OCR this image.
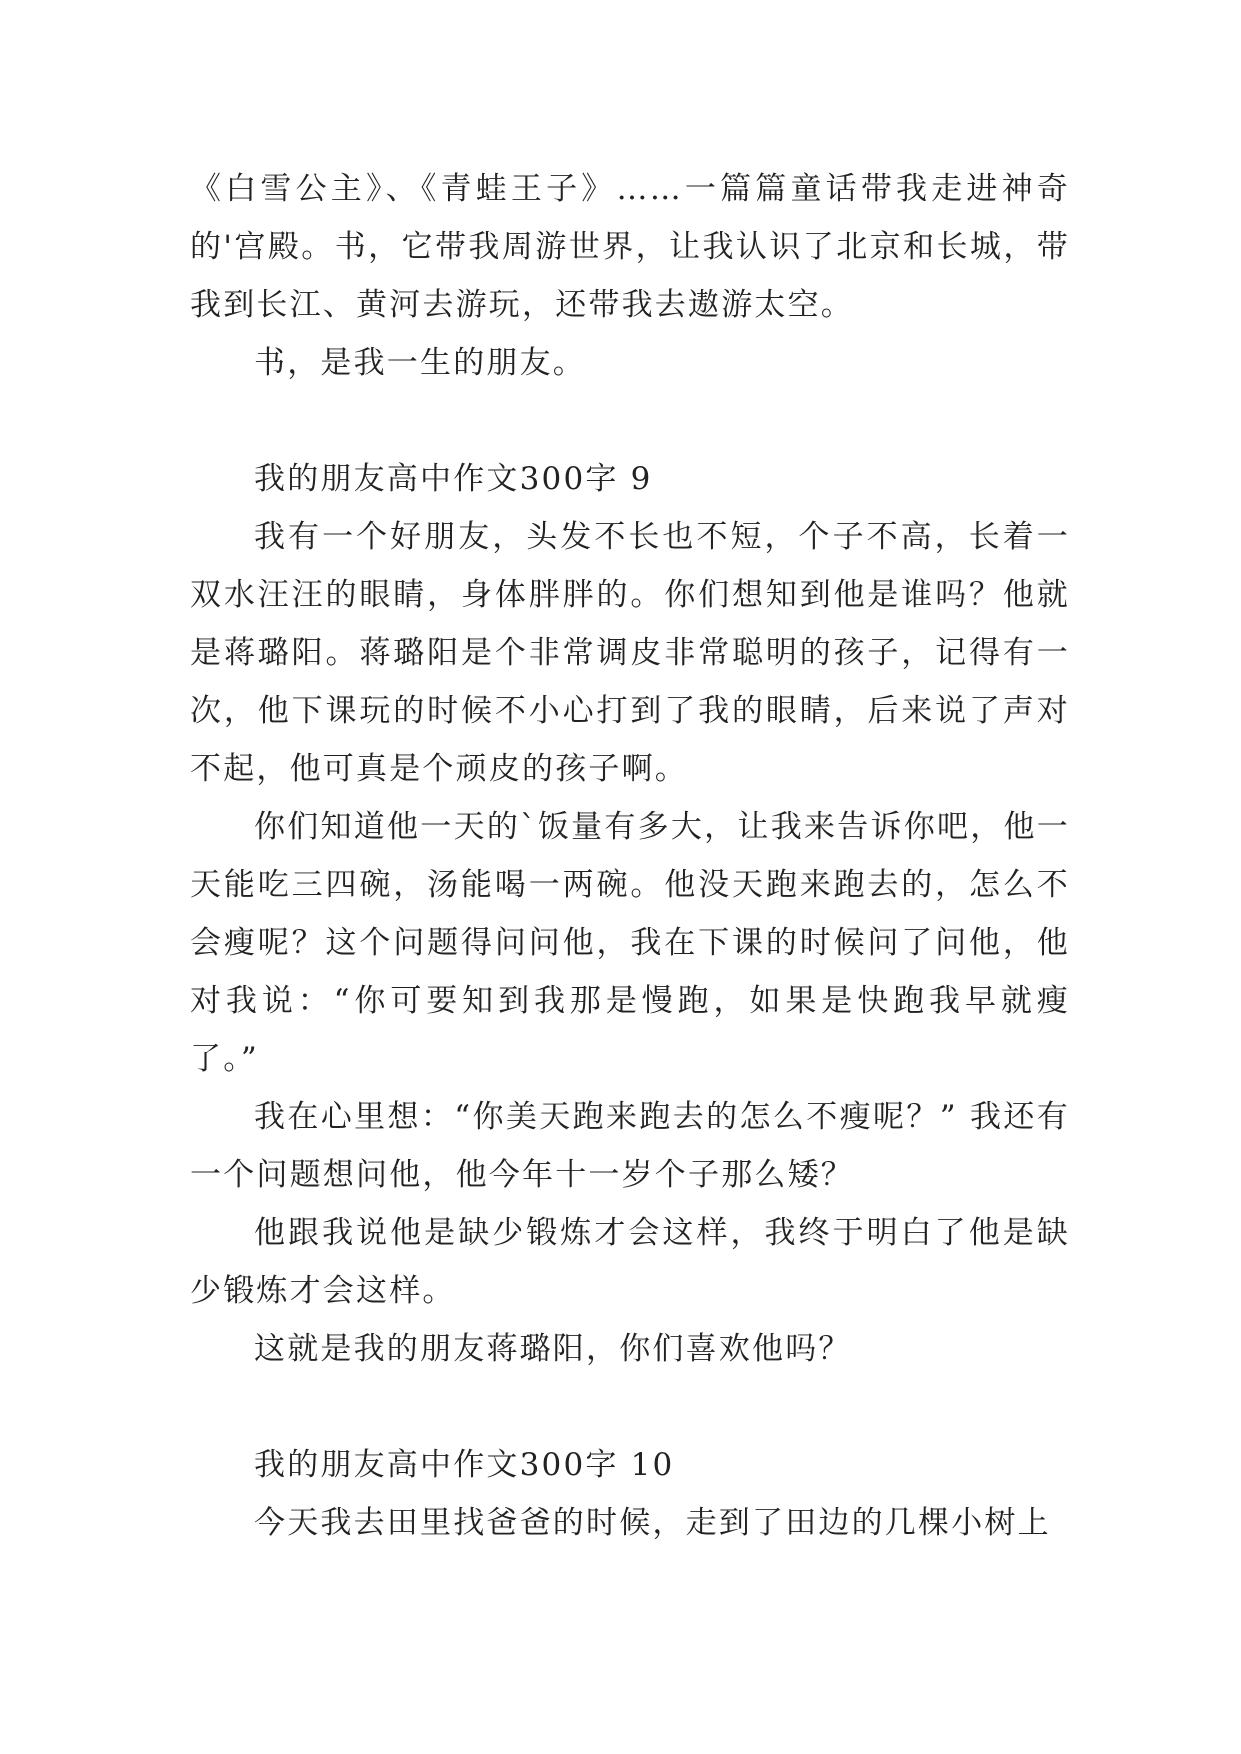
《白雪公主》、《青蛙王子》……一篇篇童话带我走进神奇的'宫殿。书，它带我周游世界，让我认识了北京和长城，带我到长江、黄河去游玩，还带我去遨游太空。

书，是我一生的朋友。

我的朋友高中作文300字 9

我有一个好朋友，头发不长也不短，个子不高，长着一双水汪汪的眼睛，身体胖胖的。你们想知到他是谁吗？他就是蒋璐阳。蒋璐阳是个非常调皮非常聪明的孩子，记得有一次，他下课玩的时候不小心打到了我的眼睛，后来说了声对不起，他可真是个顽皮的孩子啊。

你们知道他一天的`饭量有多大，让我来告诉你吧，他一天能吃三四碗，汤能喝一两碗。他没天跑来跑去的，怎么不会瘦呢？这个问题得问问他，我在下课的时候问了问他，他对我说：“你可要知到我那是慢跑，如果是快跑我早就瘦了。”

我在心里想：“你美天跑来跑去的怎么不瘦呢？” 我还有一个问题想问他，他今年十一岁个子那么矮？

他跟我说他是缺少锻炼才会这样，我终于明白了他是缺少锻炼才会这样。

这就是我的朋友蒋璐阳，你们喜欢他吗？

我的朋友高中作文300字 10

今天我去田里找爸爸的时候，走到了田边的几棵小树上
